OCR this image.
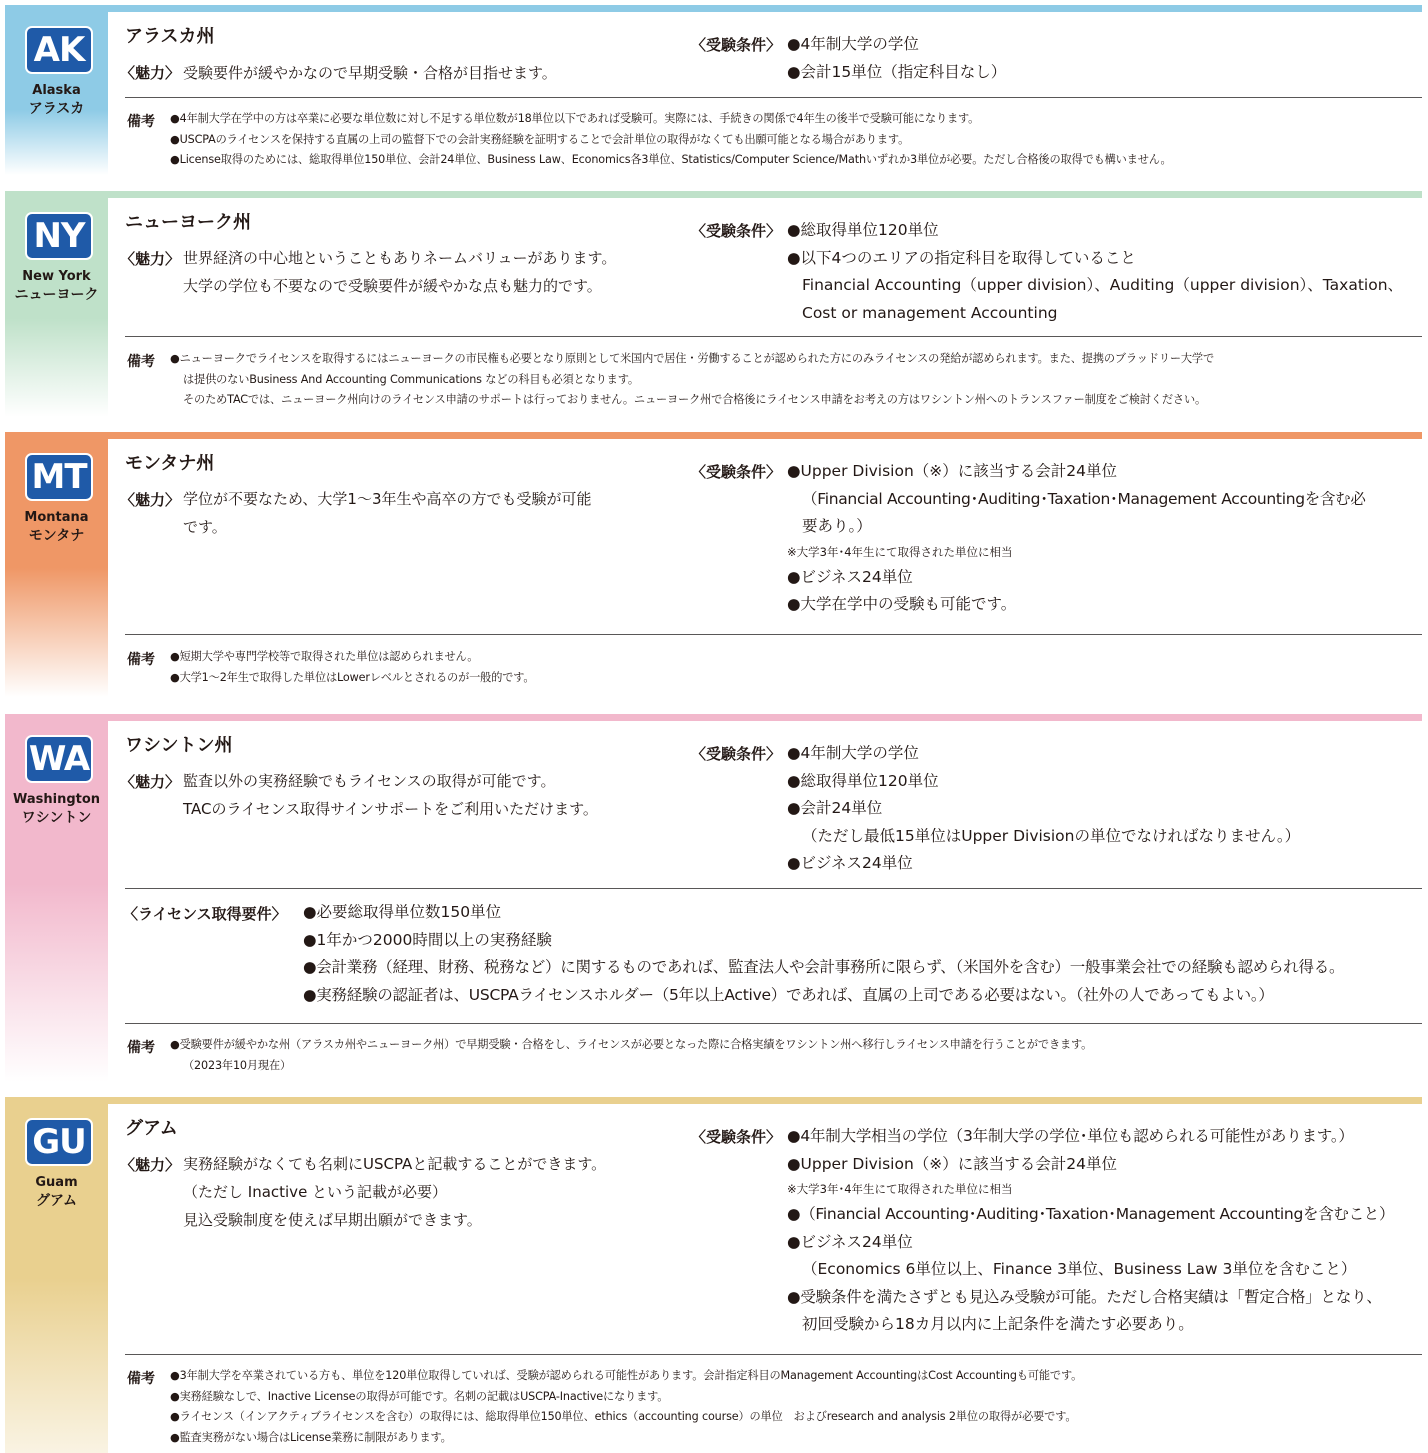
AK
Alaska
アラスカ
アラスカ州
〈魅力〉 受験要件が緩やかなので早期受験・合格が目指せます。
〈受験条件〉 ●4年制大学の学位
●会計15単位（指定科目なし）
備考 ●4年制大学在学中の方は卒業に必要な単位数に対し不足する単位数が18単位以下であれば受験可。実際には、手続きの関係で4年生の後半で受験可能になります。
●USCPAのライセンスを保持する直属の上司の監督下での会計実務経験を証明することで会計単位の取得がなくても出願可能となる場合があります。
●License取得のためには、総取得単位150単位、会計24単位、Business Law、Economics各3単位、Statistics/Computer Science/Mathいずれか3単位が必要。ただし合格後の取得でも構いません。
NY
New York
ニューヨーク
ニューヨーク州
〈魅力〉 世界経済の中心地ということもありネームバリューがあります。
大学の学位も不要なので受験要件が緩やかな点も魅力的です。
〈受験条件〉 ●総取得単位120単位
●以下4つのエリアの指定科目を取得していること
Financial Accounting（upper division）、Auditing（upper division）、Taxation、
Cost or management Accounting
備考 ●ニューヨークでライセンスを取得するにはニューヨークの市民権も必要となり原則として米国内で居住・労働することが認められた方にのみライセンスの発給が認められます。また、提携のブラッドリー大学で
は提供のないBusiness And Accounting Communications などの科目も必須となります。
そのためTACでは、ニューヨーク州向けのライセンス申請のサポートは行っておりません。ニューヨーク州で合格後にライセンス申請をお考えの方はワシントン州へのトランスファー制度をご検討ください。
MT
Montana
モンタナ
モンタナ州
〈魅力〉 学位が不要なため、大学1～3年生や高卒の方でも受験が可能
です。
〈受験条件〉 ●Upper Division（※）に該当する会計24単位
（Financial Accounting･Auditing･Taxation･Management Accountingを含む必
要あり。）
※大学3年･4年生にて取得された単位に相当
●ビジネス24単位
●大学在学中の受験も可能です。
備考 ●短期大学や専門学校等で取得された単位は認められません。
●大学1～2年生で取得した単位はLowerレベルとされるのが一般的です。
WA
Washington
ワシントン
ワシントン州
〈魅力〉 監査以外の実務経験でもライセンスの取得が可能です。
TACのライセンス取得サインサポートをご利用いただけます。
〈受験条件〉 ●4年制大学の学位
●総取得単位120単位
●会計24単位
（ただし最低15単位はUpper Divisionの単位でなければなりません。）
●ビジネス24単位
〈ライセンス取得要件〉 ●必要総取得単位数150単位
●1年かつ2000時間以上の実務経験
●会計業務（経理、財務、税務など）に関するものであれば、監査法人や会計事務所に限らず、（米国外を含む）一般事業会社での経験も認められ得る。
●実務経験の認証者は、USCPAライセンスホルダー（5年以上Active）であれば、直属の上司である必要はない。（社外の人であってもよい。）
備考 ●受験要件が緩やかな州（アラスカ州やニューヨーク州）で早期受験・合格をし、ライセンスが必要となった際に合格実績をワシントン州へ移行しライセンス申請を行うことができます。
（2023年10月現在）
GU
Guam
グアム
グアム
〈魅力〉 実務経験がなくても名刺にUSCPAと記載することができます。
（ただし Inactive という記載が必要）
見込受験制度を使えば早期出願ができます。
〈受験条件〉 ●4年制大学相当の学位（3年制大学の学位･単位も認められる可能性があります。）
●Upper Division（※）に該当する会計24単位
※大学3年･4年生にて取得された単位に相当
●（Financial Accounting･Auditing･Taxation･Management Accountingを含むこと）
●ビジネス24単位
（Economics 6単位以上、Finance 3単位、Business Law 3単位を含むこと）
●受験条件を満たさずとも見込み受験が可能。ただし合格実績は「暫定合格」となり、
初回受験から18カ月以内に上記条件を満たす必要あり。
備考 ●3年制大学を卒業されている方も、単位を120単位取得していれば、受験が認められる可能性があります。会計指定科目のManagement AccountingはCost Accountingも可能です。
●実務経験なしで、Inactive Licenseの取得が可能です。名刺の記載はUSCPA-Inactiveになります。
●ライセンス（インアクティブライセンスを含む）の取得には、総取得単位150単位、ethics（accounting course）の単位　およびresearch and analysis 2単位の取得が必要です。
●監査実務がない場合はLicense業務に制限があります。
